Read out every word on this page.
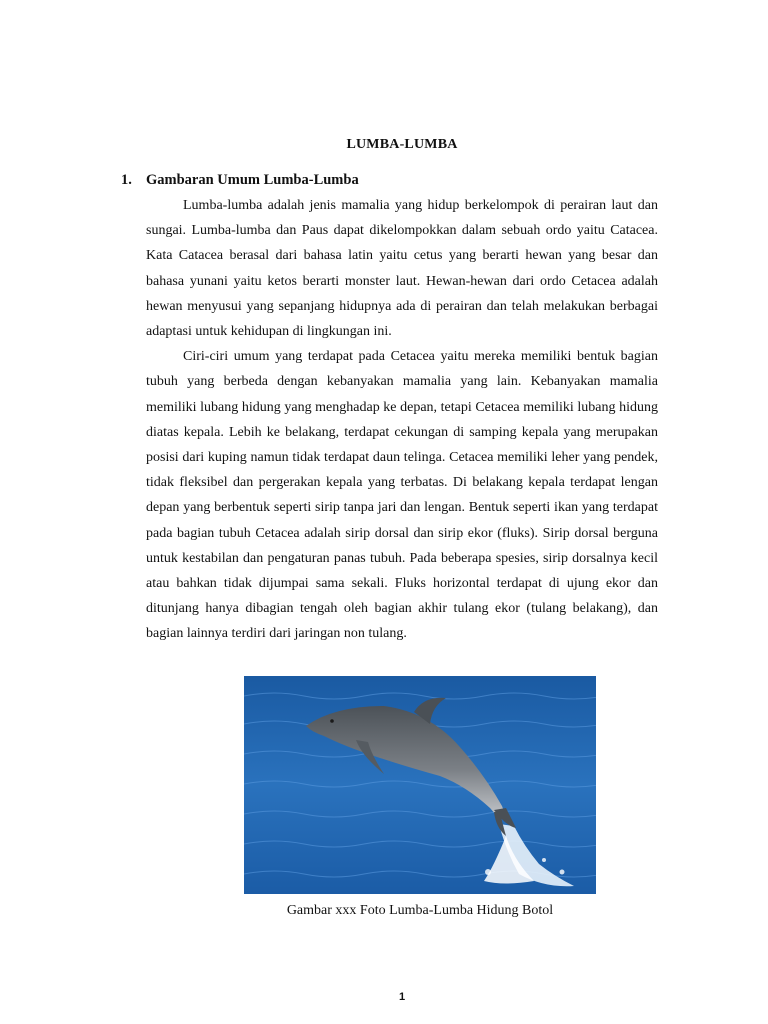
LUMBA-LUMBA
1. Gambaran Umum Lumba-Lumba

Lumba-lumba adalah jenis mamalia yang hidup berkelompok di perairan laut dan sungai. Lumba-lumba dan Paus dapat dikelompokkan dalam sebuah ordo yaitu Catacea. Kata Catacea berasal dari bahasa latin yaitu cetus yang berarti hewan yang besar dan bahasa yunani yaitu ketos berarti monster laut. Hewan-hewan dari ordo Cetacea adalah hewan menyusui yang sepanjang hidupnya ada di perairan dan telah melakukan berbagai adaptasi untuk kehidupan di lingkungan ini.

Ciri-ciri umum yang terdapat pada Cetacea yaitu mereka memiliki bentuk bagian tubuh yang berbeda dengan kebanyakan mamalia yang lain. Kebanyakan mamalia memiliki lubang hidung yang menghadap ke depan, tetapi Cetacea memiliki lubang hidung diatas kepala. Lebih ke belakang, terdapat cekungan di samping kepala yang merupakan posisi dari kuping namun tidak terdapat daun telinga. Cetacea memiliki leher yang pendek, tidak fleksibel dan pergerakan kepala yang terbatas. Di belakang kepala terdapat lengan depan yang berbentuk seperti sirip tanpa jari dan lengan. Bentuk seperti ikan yang terdapat pada bagian tubuh Cetacea adalah sirip dorsal dan sirip ekor (fluks). Sirip dorsal berguna untuk kestabilan dan pengaturan panas tubuh. Pada beberapa spesies, sirip dorsalnya kecil atau bahkan tidak dijumpai sama sekali. Fluks horizontal terdapat di ujung ekor dan ditunjang hanya dibagian tengah oleh bagian akhir tulang ekor (tulang belakang), dan bagian lainnya terdiri dari jaringan non tulang.

Gambar xxx Foto Lumba-Lumba Hidung Botol
1
